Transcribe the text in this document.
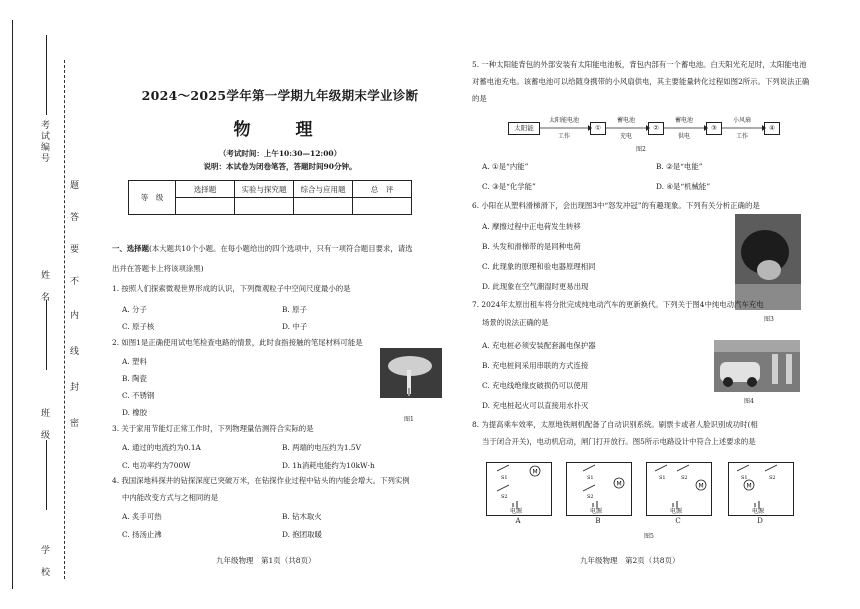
考试编号
姓　名
班　级
学　校
题
答
要
不
内
线
封
密
2024～2025学年第一学期九年级期末学业诊断
物　理
（考试时间：上午10:30—12:00）
说明：本试卷为闭卷笔答，答题时间90分钟。
等　级	选择题	实验与探究题	综合与应用题	总　评

一、选择题(本大题共10个小题。在每小题给出的四个选项中，只有一项符合题目要求，请选
出并在答题卡上将该项涂黑)
1. 按照人们探索微观世界形成的认识，下列微观粒子中空间尺度最小的是
A. 分子	B. 原子
C. 原子核	D. 中子
2. 如图1是正确使用试电笔检查电路的情景，此时食指接触的笔尾材料可能是
A. 塑料
B. 陶瓷
C. 不锈钢
D. 橡胶
图1
3. 关于家用节能灯正常工作时，下列物理量估测符合实际的是
A. 通过的电流约为0.1A	B. 两端的电压约为1.5V
C. 电功率约为700W	D. 1h消耗电能约为10kW·h
4. 我国深地科探井的钻探深度已突破万米，在钻探作业过程中钻头的内能会增大。下列实例
中内能改变方式与之相同的是
A. 炙手可热	B. 钻木取火
C. 扬汤止沸	D. 抱团取暖
九年级物理　第1页（共8页）
5. 一种太阳能背包的外部安装有太阳能电池板，背包内部有一个蓄电池。白天阳光充足时，太阳能电池对蓄电池充电。该蓄电池可以给随身携带的小风扇供电，其主要能量转化过程如图2所示。下列说法正确的是
太阳能	①	②	③	④
太阳能电池
工作
蓄电池
充电
蓄电池
供电
小风扇
工作
图2
A. ①是“内能”	B. ②是“电能”
C. ③是“化学能”	D. ④是“机械能”
6. 小阳在从塑料滑梯滑下，会出现图3中“怒发冲冠”的有趣现象。下列有关分析正确的是
A. 摩擦过程中正电荷发生转移
B. 头发和滑梯带的是同种电荷
C. 此现象的原理和验电器原理相同
D. 此现象在空气潮湿时更易出现
图3
7. 2024年太原出租车将分批完成纯电动汽车的更新换代。下列关于图4中纯电动汽车充电
场景的说法正确的是
A. 充电桩必须安装配套漏电保护器
B. 充电桩间采用串联的方式连接
C. 充电线绝缘皮破损仍可以使用
D. 充电桩起火可以直接用水扑灭	图4
8. 为提高乘车效率，太原地铁闸机配备了自动识别系统。刷票卡或者人脸识别成功时(相
当于闭合开关)，电动机启动，闸门打开放行。图5所示电路设计中符合上述要求的是
M
S1
S2
M
S1
S2
M
S1	S2
M
S1	S2
电源	电源	电源	电源
A	B	C	D
图5
九年级物理　第2页（共8页）
